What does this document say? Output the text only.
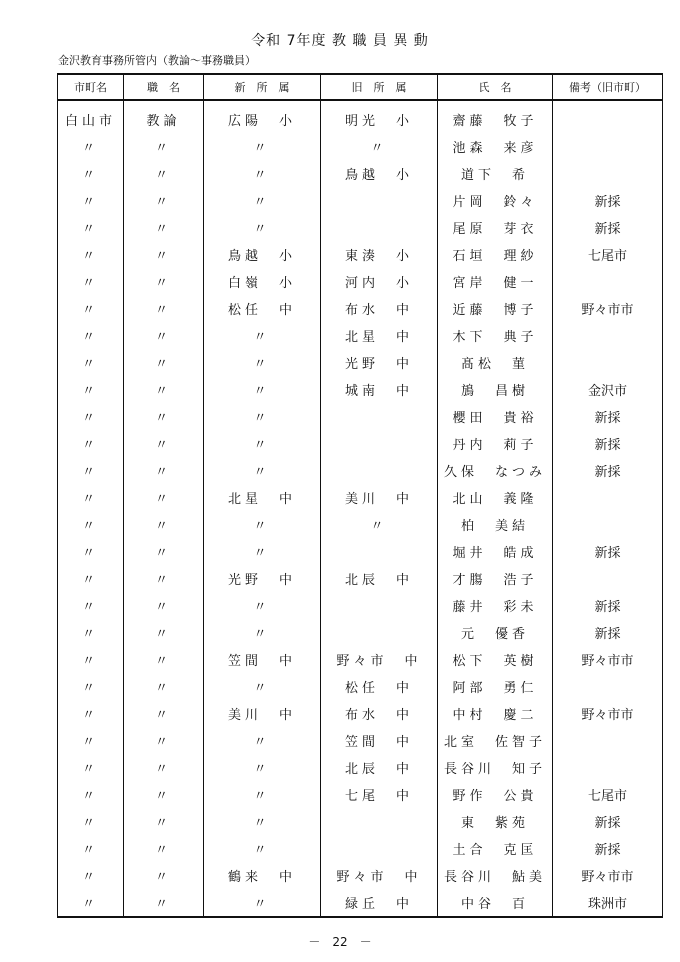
令和 7年度 教 職 員 異 動
金沢教育事務所管内（教論～事務職員）
市町名	職　名	新　所　属	旧　所　属	氏　名	備考（旧市町）
白山市	教論	広陽　小	明光　小	齋藤　牧子	
〃	〃	〃	〃	池森　来彦	
〃	〃	〃	鳥越　小	道下　希	
〃	〃	〃		片岡　鈴々	新採
〃	〃	〃		尾原　芽衣	新採
〃	〃	鳥越　小	東湊　小	石垣　理紗	七尾市
〃	〃	白嶺　小	河内　小	宮岸　健一	
〃	〃	松任　中	布水　中	近藤　博子	野々市市
〃	〃	〃	北星　中	木下　典子	
〃	〃	〃	光野　中	髙松　菫	
〃	〃	〃	城南　中	鴋　昌樹	金沢市
〃	〃	〃		櫻田　貴裕	新採
〃	〃	〃		丹内　莉子	新採
〃	〃	〃		久保　なつみ	新採
〃	〃	北星　中	美川　中	北山　義隆	
〃	〃	〃	〃	柏　美結	
〃	〃	〃		堀井　皓成	新採
〃	〃	光野　中	北辰　中	才膓　浩子	
〃	〃	〃		藤井　彩未	新採
〃	〃	〃		元　優香	新採
〃	〃	笠間　中	野々市　中	松下　英樹	野々市市
〃	〃	〃	松任　中	阿部　勇仁	
〃	〃	美川　中	布水　中	中村　慶二	野々市市
〃	〃	〃	笠間　中	北室　佐智子	
〃	〃	〃	北辰　中	長谷川　知子	
〃	〃	〃	七尾　中	野作　公貴	七尾市
〃	〃	〃		東　紫苑	新採
〃	〃	〃		土合　克匡	新採
〃	〃	鶴来　中	野々市　中	長谷川　鮎美	野々市市
〃	〃	〃	緑丘　中	中谷　百	珠洲市
－　22　－
